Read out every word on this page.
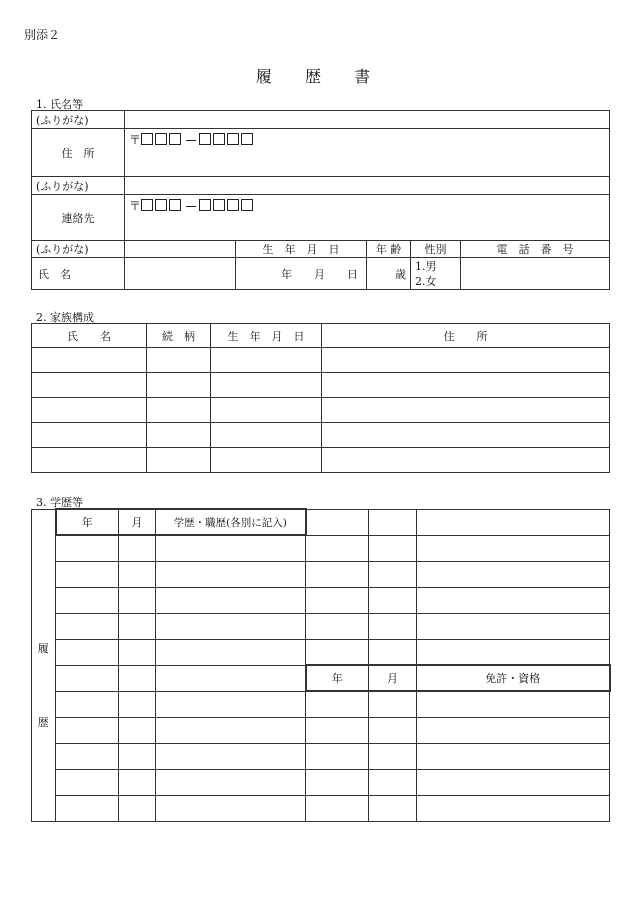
別添２
履　 歴　 書
1. 氏名等
(ふりがな)					
住　所	〒				
(ふりがな)					
連絡先	〒				
(ふりがな)		生　年　月　日	年 齢	性別	電　話　番　号
氏　名		年　　月　　日	歳	1.男
2.女	

2. 家族構成
氏　　名	続　柄	生　年　月　日	住　　所

3. 学歴等
履
歴	年	月	学歴・職歴(各別に記入)			

				年	月	免許・資格
